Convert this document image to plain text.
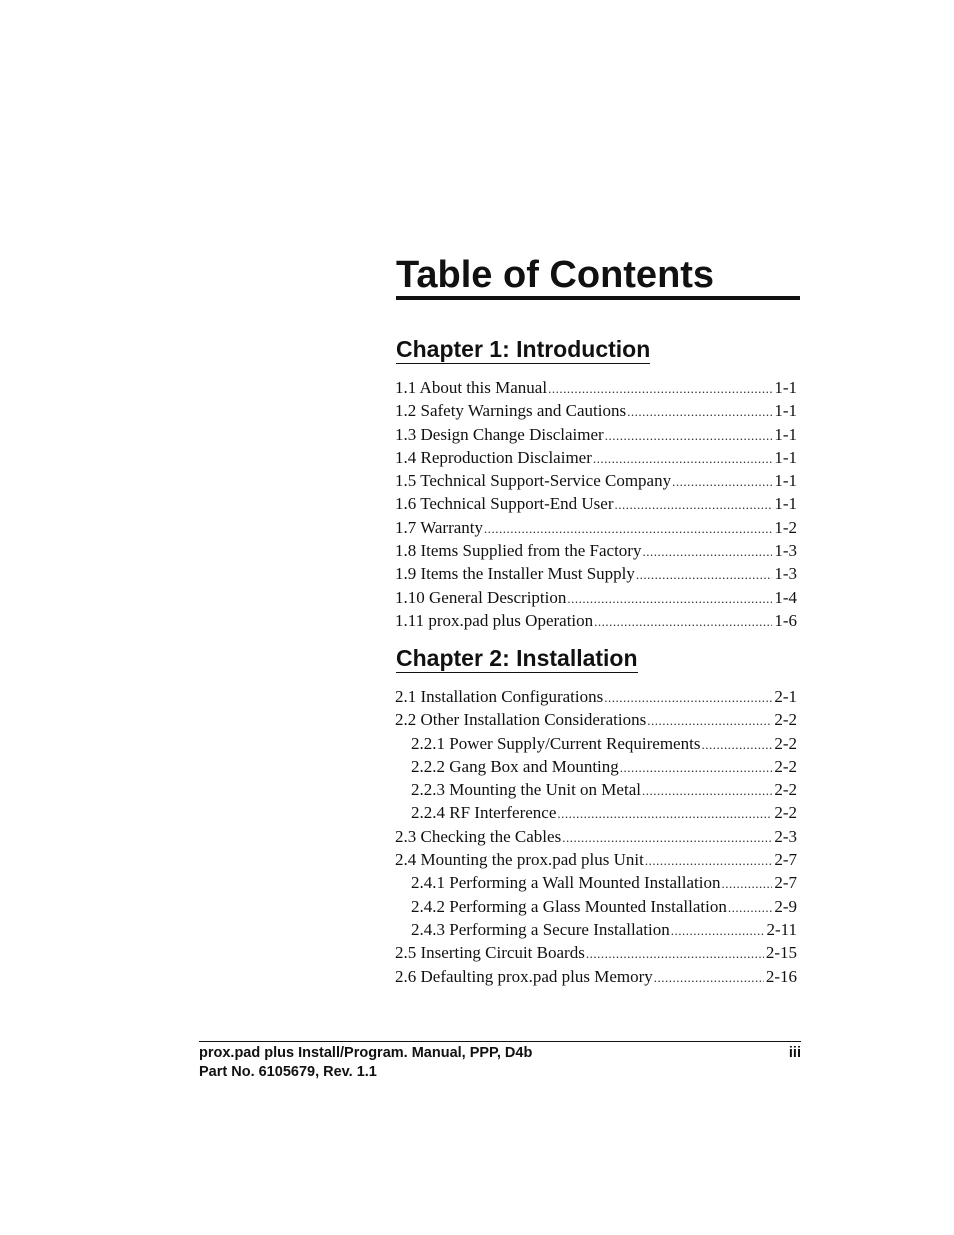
Table of Contents
Chapter 1: Introduction
1.1 About this Manual .....	1-1
1.2 Safety Warnings and Cautions .....	1-1
1.3 Design Change Disclaimer .....	1-1
1.4 Reproduction Disclaimer .....	1-1
1.5 Technical Support-Service Company .....	1-1
1.6 Technical Support-End User .....	1-1
1.7 Warranty .....	1-2
1.8 Items Supplied from the Factory .....	1-3
1.9 Items the Installer Must Supply .....	1-3
1.10 General Description .....	1-4
1.11 prox.pad plus Operation .....	1-6
Chapter 2: Installation
2.1 Installation Configurations .....	2-1
2.2 Other Installation Considerations .....	2-2
2.2.1 Power Supply/Current Requirements .....	2-2
2.2.2 Gang Box and Mounting .....	2-2
2.2.3 Mounting the Unit on Metal .....	2-2
2.2.4 RF Interference .....	2-2
2.3 Checking the Cables .....	2-3
2.4 Mounting the prox.pad plus Unit .....	2-7
2.4.1 Performing a Wall Mounted Installation .....	2-7
2.4.2 Performing a Glass Mounted Installation .....	2-9
2.4.3 Performing a Secure Installation .....	2-11
2.5 Inserting Circuit Boards .....	2-15
2.6 Defaulting prox.pad plus Memory .....	2-16
prox.pad plus Install/Program. Manual, PPP, D4b
Part No. 6105679, Rev. 1.1
iii
